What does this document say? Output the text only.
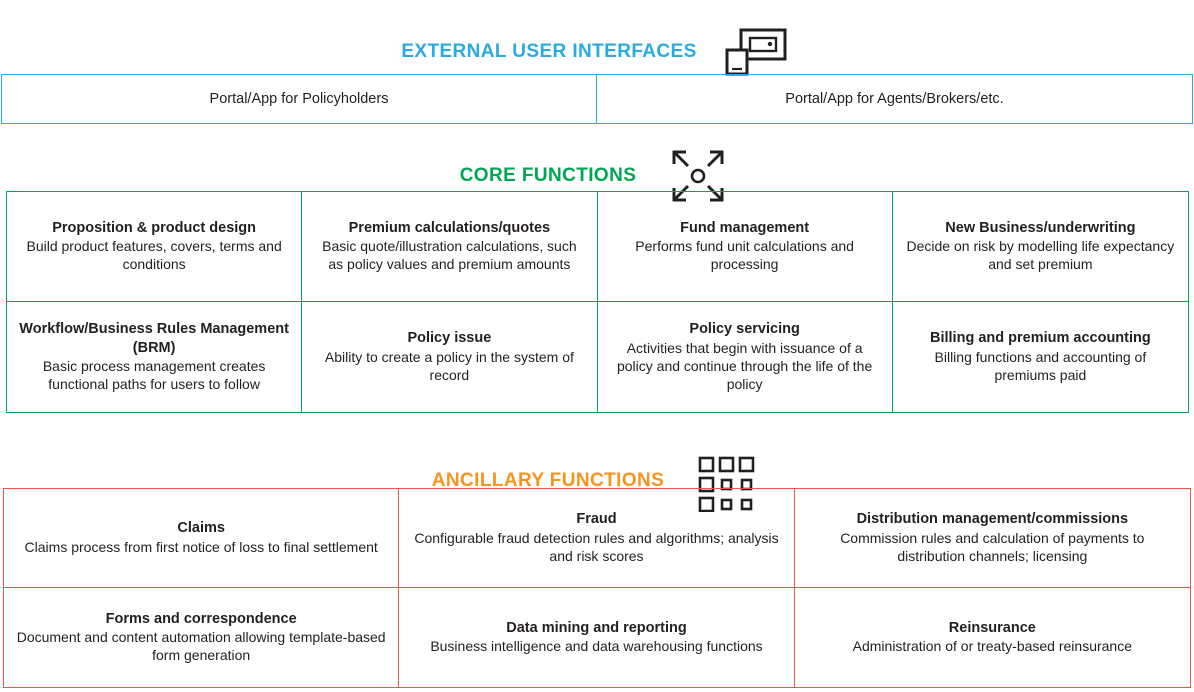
EXTERNAL USER INTERFACES
Portal/App for Policyholders	Portal/App for Agents/Brokers/etc.
CORE FUNCTIONS
Proposition & product design
Build product features, covers, terms and conditions
Premium calculations/quotes
Basic quote/illustration calculations, such as policy values and premium amounts
Fund management
Performs fund unit calculations and processing
New Business/underwriting
Decide on risk by modelling life expectancy and set premium
Workflow/Business Rules Management (BRM)
Basic process management creates functional paths for users to follow
Policy issue
Ability to create a policy in the system of record
Policy servicing
Activities that begin with issuance of a policy and continue through the life of the policy
Billing and premium accounting
Billing functions and accounting of premiums paid
ANCILLARY FUNCTIONS
Claims
Claims process from first notice of loss to final settlement
Fraud
Configurable fraud detection rules and algorithms; analysis and risk scores
Distribution management/commissions
Commission rules and calculation of payments to distribution channels; licensing
Forms and correspondence
Document and content automation allowing template-based form generation
Data mining and reporting
Business intelligence and data warehousing functions
Reinsurance
Administration of or treaty-based reinsurance
